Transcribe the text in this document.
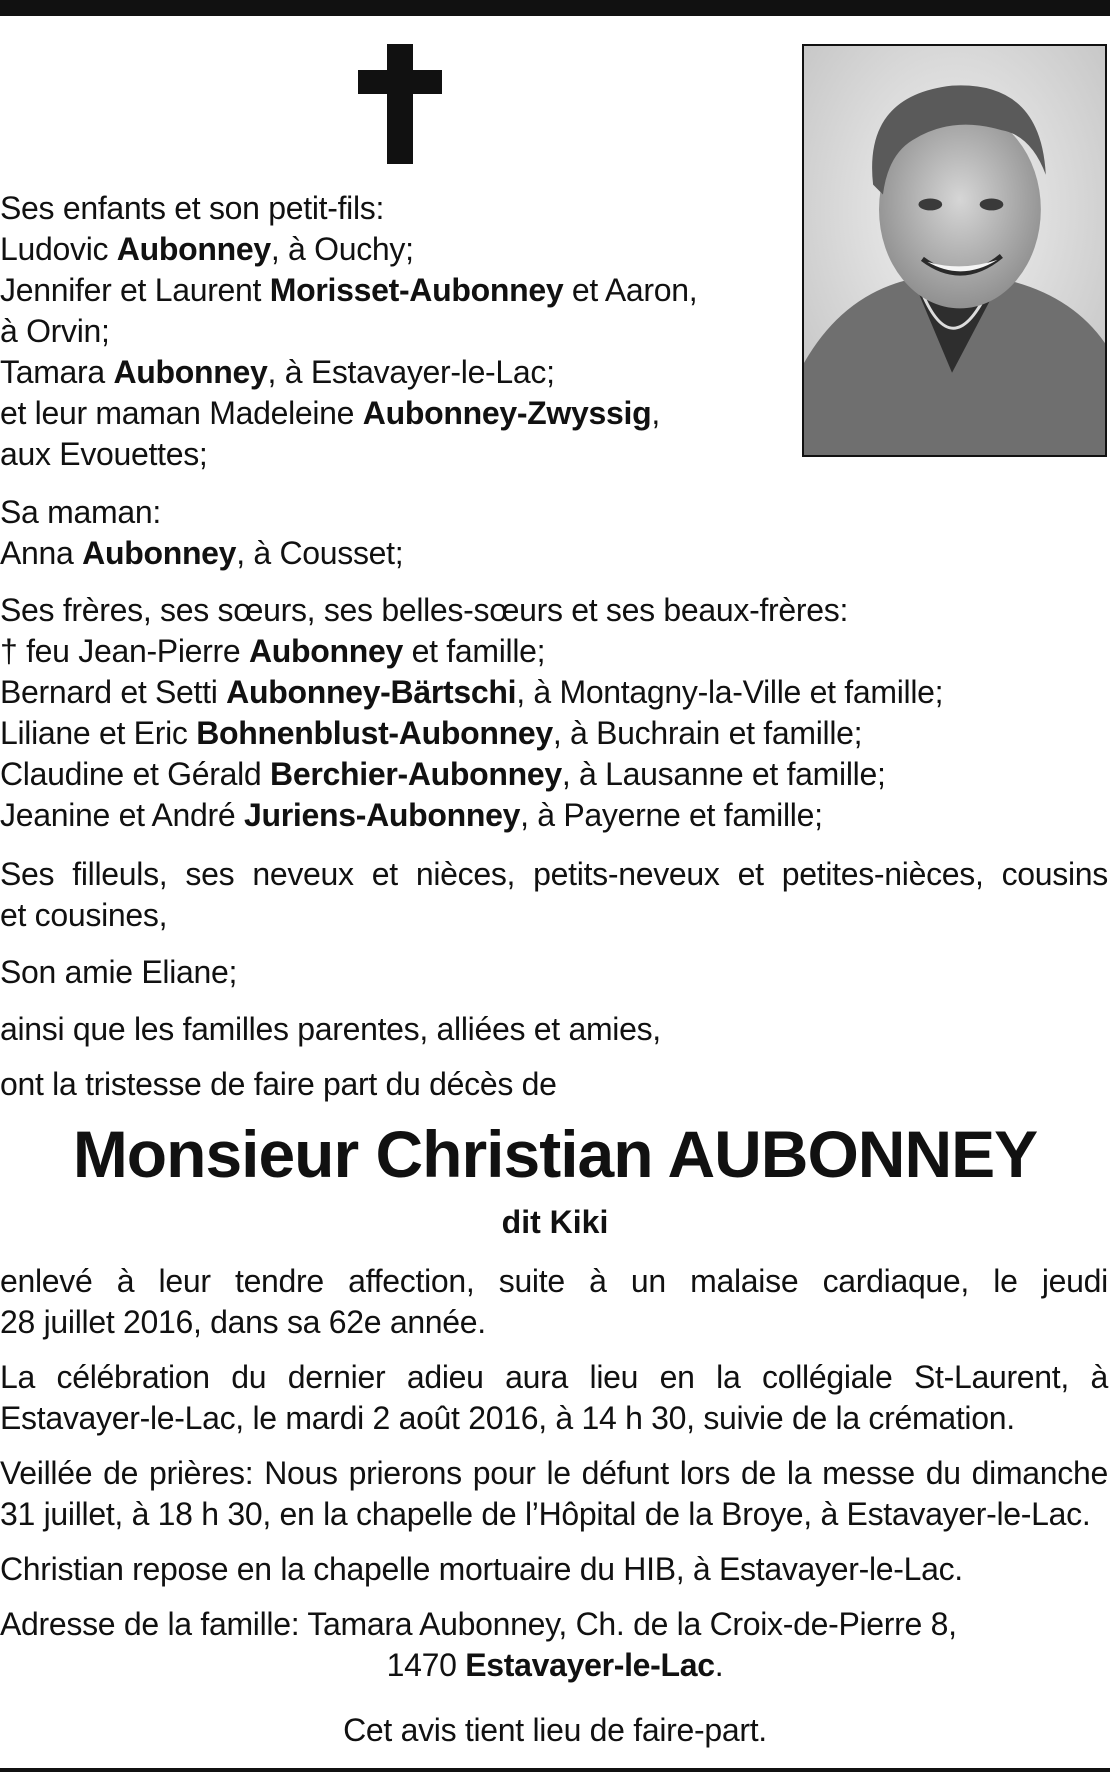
Ses enfants et son petit-fils:
Ludovic Aubonney, à Ouchy;
Jennifer et Laurent Morisset-Aubonney et Aaron,
à Orvin;
Tamara Aubonney, à Estavayer-le-Lac;
et leur maman Madeleine Aubonney-Zwyssig,
aux Evouettes;
Sa maman:
Anna Aubonney, à Cousset;
Ses frères, ses sœurs, ses belles-sœurs et ses beaux-frères:
† feu Jean-Pierre Aubonney et famille;
Bernard et Setti Aubonney-Bärtschi, à Montagny-la-Ville et famille;
Liliane et Eric Bohnenblust-Aubonney, à Buchrain et famille;
Claudine et Gérald Berchier-Aubonney, à Lausanne et famille;
Jeanine et André Juriens-Aubonney, à Payerne et famille;
Ses filleuls, ses neveux et nièces, petits-neveux et petites-nièces, cousins
et cousines,
Son amie Eliane;
ainsi que les familles parentes, alliées et amies,
ont la tristesse de faire part du décès de
enlevé à leur tendre affection, suite à un malaise cardiaque, le jeudi
28 juillet 2016, dans sa 62e année.
La célébration du dernier adieu aura lieu en la collégiale St-Laurent, à
Estavayer-le-Lac, le mardi 2 août 2016, à 14 h 30, suivie de la crémation.
Veillée de prières: Nous prierons pour le défunt lors de la messe du dimanche
31 juillet, à 18 h 30, en la chapelle de l’Hôpital de la Broye, à Estavayer-le-Lac.
Christian repose en la chapelle mortuaire du HIB, à Estavayer-le-Lac.
Adresse de la famille: Tamara Aubonney, Ch. de la Croix-de-Pierre 8,
1470 Estavayer-le-Lac.
Cet avis tient lieu de faire-part.
Monsieur Christian AUBONNEY
dit Kiki
